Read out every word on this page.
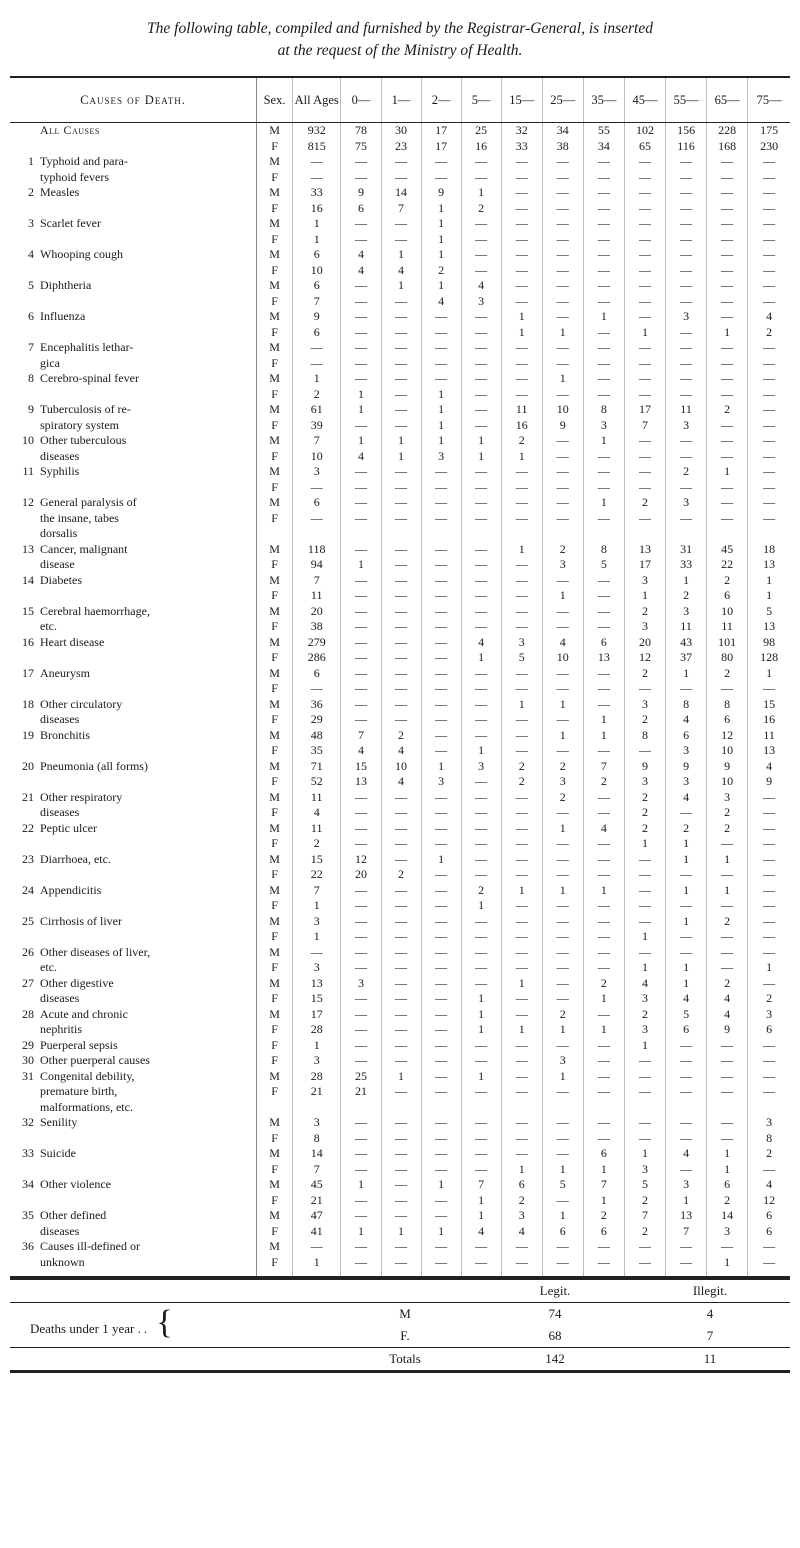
The following table, compiled and furnished by the Registrar-General, is inserted
at the request of the Ministry of Health.
Causes of Death.	Sex.	All Ages	0—	1—	2—	5—	15—	25—	35—	45—	55—	65—	75—
All Causes	M	932	78	30	17	25	32	34	55	102	156	228	175
	F	815	75	23	17	16	33	38	34	65	116	168	230
1 Typhoid and para-	M	—	—	—	—	—	—	—	—	—	—	—	—
typhoid fevers	F	—	—	—	—	—	—	—	—	—	—	—	—
2 Measles	M	33	9	14	9	1	—	—	—	—	—	—	—
	F	16	6	7	1	2	—	—	—	—	—	—	—
3 Scarlet fever	M	1	—	—	1	—	—	—	—	—	—	—	—
	F	1	—	—	1	—	—	—	—	—	—	—	—
4 Whooping cough	M	6	4	1	1	—	—	—	—	—	—	—	—
	F	10	4	4	2	—	—	—	—	—	—	—	—
5 Diphtheria	M	6	—	1	1	4	—	—	—	—	—	—	—
	F	7	—	—	4	3	—	—	—	—	—	—	—
6 Influenza	M	9	—	—	—	—	1	—	1	—	3	—	4
	F	6	—	—	—	—	1	1	—	1	—	1	2
7 Encephalitis lethar-	M	—	—	—	—	—	—	—	—	—	—	—	—
gica	F	—	—	—	—	—	—	—	—	—	—	—	—
8 Cerebro-spinal fever	M	1	—	—	—	—	—	1	—	—	—	—	—
	F	2	1	—	1	—	—	—	—	—	—	—	—
9 Tuberculosis of re-	M	61	1	—	1	—	11	10	8	17	11	2	—
spiratory system	F	39	—	—	1	—	16	9	3	7	3	—	—
10 Other tuberculous	M	7	1	1	1	1	2	—	1	—	—	—	—
diseases	F	10	4	1	3	1	1	—	—	—	—	—	—
11 Syphilis	M	3	—	—	—	—	—	—	—	—	2	1	—
	F	—	—	—	—	—	—	—	—	—	—	—	—
12 General paralysis of	M	6	—	—	—	—	—	—	1	2	3	—	—
the insane, tabes	F	—	—	—	—	—	—	—	—	—	—	—	—
dorsalis													
13 Cancer, malignant	M	118	—	—	—	—	1	2	8	13	31	45	18
disease	F	94	1	—	—	—	—	3	5	17	33	22	13
14 Diabetes	M	7	—	—	—	—	—	—	—	3	1	2	1
	F	11	—	—	—	—	—	1	—	1	2	6	1
15 Cerebral haemorrhage,	M	20	—	—	—	—	—	—	—	2	3	10	5
etc.	F	38	—	—	—	—	—	—	—	3	11	11	13
16 Heart disease	M	279	—	—	—	4	3	4	6	20	43	101	98
	F	286	—	—	—	1	5	10	13	12	37	80	128
17 Aneurysm	M	6	—	—	—	—	—	—	—	2	1	2	1
	F	—	—	—	—	—	—	—	—	—	—	—	—
18 Other circulatory	M	36	—	—	—	—	1	1	—	3	8	8	15
diseases	F	29	—	—	—	—	—	—	1	2	4	6	16
19 Bronchitis	M	48	7	2	—	—	—	1	1	8	6	12	11
	F	35	4	4	—	1	—	—	—	—	3	10	13
20 Pneumonia (all forms)	M	71	15	10	1	3	2	2	7	9	9	9	4
	F	52	13	4	3	—	2	3	2	3	3	10	9
21 Other respiratory	M	11	—	—	—	—	—	2	—	2	4	3	—
diseases	F	4	—	—	—	—	—	—	—	2	—	2	—
22 Peptic ulcer	M	11	—	—	—	—	—	1	4	2	2	2	—
	F	2	—	—	—	—	—	—	—	1	1	—	—
23 Diarrhoea, etc.	M	15	12	—	1	—	—	—	—	—	1	1	—
	F	22	20	2	—	—	—	—	—	—	—	—	—
24 Appendicitis	M	7	—	—	—	2	1	1	1	—	1	1	—
	F	1	—	—	—	1	—	—	—	—	—	—	—
25 Cirrhosis of liver	M	3	—	—	—	—	—	—	—	—	1	2	—
	F	1	—	—	—	—	—	—	—	1	—	—	—
26 Other diseases of liver,	M	—	—	—	—	—	—	—	—	—	—	—	—
etc.	F	3	—	—	—	—	—	—	—	1	1	—	1
27 Other digestive	M	13	3	—	—	—	1	—	2	4	1	2	—
diseases	F	15	—	—	—	1	—	—	1	3	4	4	2
28 Acute and chronic	M	17	—	—	—	1	—	2	—	2	5	4	3
nephritis	F	28	—	—	—	1	1	1	1	3	6	9	6
29 Puerperal sepsis	F	1	—	—	—	—	—	—	—	1	—	—	—
30 Other puerperal causes	F	3	—	—	—	—	—	3	—	—	—	—	—
31 Congenital debility,	M	28	25	1	—	1	—	1	—	—	—	—	—
premature birth,	F	21	21	—	—	—	—	—	—	—	—	—	—
malformations, etc.													
32 Senility	M	3	—	—	—	—	—	—	—	—	—	—	3
	F	8	—	—	—	—	—	—	—	—	—	—	8
33 Suicide	M	14	—	—	—	—	—	—	6	1	4	1	2
	F	7	—	—	—	—	1	1	1	3	—	1	—
34 Other violence	M	45	1	—	1	7	6	5	7	5	3	6	4
	F	21	—	—	—	1	2	—	1	2	1	2	12
35 Other defined	M	47	—	—	—	1	3	1	2	7	13	14	6
diseases	F	41	1	1	1	4	4	6	6	2	7	3	6
36 Causes ill-defined or	M	—	—	—	—	—	—	—	—	—	—	—	—
unknown	F	1	—	—	—	—	—	—	—	—	—	1	—
		Legit.	Illegit.
Deaths under 1 year .. {	M	74	4
	F.	68	7
	Totals	142	11
